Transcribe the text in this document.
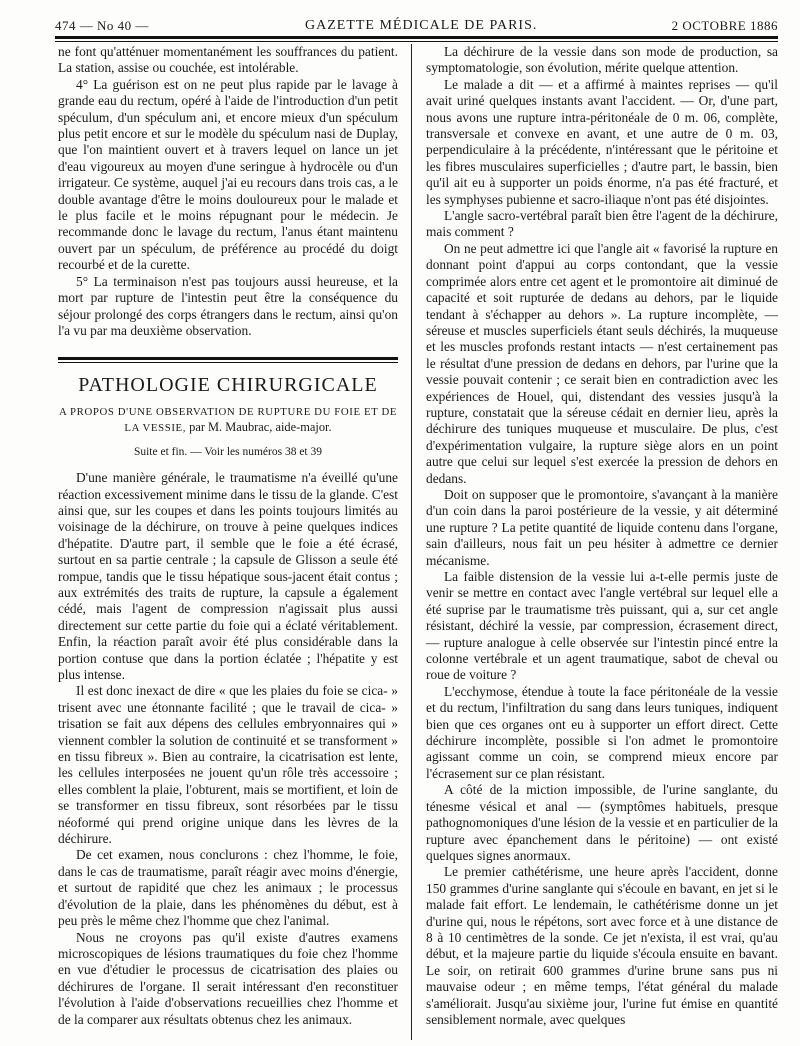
474 — No 40 —	GAZETTE MÉDICALE DE PARIS.	2 OCTOBRE 1886

ne font qu'atténuer momentanément les souffrances du patient. La station, assise ou couchée, est intolérable.

4° La guérison est on ne peut plus rapide par le lavage à grande eau du rectum, opéré à l'aide de l'introduction d'un petit spéculum, d'un spéculum ani, et encore mieux d'un spéculum plus petit encore et sur le modèle du spéculum nasi de Duplay, que l'on maintient ouvert et à travers lequel on lance un jet d'eau vigoureux au moyen d'une seringue à hydrocèle ou d'un irrigateur. Ce système, auquel j'ai eu recours dans trois cas, a le double avantage d'être le moins douloureux pour le malade et le plus facile et le moins répugnant pour le médecin. Je recommande donc le lavage du rectum, l'anus étant maintenu ouvert par un spéculum, de préférence au procédé du doigt recourbé et de la curette.

5° La terminaison n'est pas toujours aussi heureuse, et la mort par rupture de l'intestin peut être la conséquence du séjour prolongé des corps étrangers dans le rectum, ainsi qu'on l'a vu par ma deuxième observation.

PATHOLOGIE CHIRURGICALE
A PROPOS D'UNE OBSERVATION DE RUPTURE DU FOIE ET DE LA VESSIE, par M. Maubrac, aide-major.
Suite et fin. — Voir les numéros 38 et 39

D'une manière générale, le traumatisme n'a éveillé qu'une réaction excessivement minime dans le tissu de la glande. C'est ainsi que, sur les coupes et dans les points toujours limités au voisinage de la déchirure, on trouve à peine quelques indices d'hépatite. D'autre part, il semble que le foie a été écrasé, surtout en sa partie centrale ; la capsule de Glisson a seule été rompue, tandis que le tissu hépatique sous-jacent était contus ; aux extrémités des traits de rupture, la capsule a également cédé, mais l'agent de compression n'agissait plus aussi directement sur cette partie du foie qui a éclaté véritablement. Enfin, la réaction paraît avoir été plus considérable dans la portion contuse que dans la portion éclatée ; l'hépatite y est plus intense.

Il est donc inexact de dire « que les plaies du foie se cica- » trisent avec une étonnante facilité ; que le travail de cica- » trisation se fait aux dépens des cellules embryonnaires qui » viennent combler la solution de continuité et se transforment » en tissu fibreux ». Bien au contraire, la cicatrisation est lente, les cellules interposées ne jouent qu'un rôle très accessoire ; elles comblent la plaie, l'obturent, mais se mortifient, et loin de se transformer en tissu fibreux, sont résorbées par le tissu néoformé qui prend origine unique dans les lèvres de la déchirure.

De cet examen, nous conclurons : chez l'homme, le foie, dans le cas de traumatisme, paraît réagir avec moins d'énergie, et surtout de rapidité que chez les animaux ; le processus d'évolution de la plaie, dans les phénomènes du début, est à peu près le même chez l'homme que chez l'animal.

Nous ne croyons pas qu'il existe d'autres examens microscopiques de lésions traumatiques du foie chez l'homme en vue d'étudier le processus de cicatrisation des plaies ou déchirures de l'organe. Il serait intéressant d'en reconstituer l'évolution à l'aide d'observations recueillies chez l'homme et de la comparer aux résultats obtenus chez les animaux.

La déchirure de la vessie dans son mode de production, sa symptomatologie, son évolution, mérite quelque attention.

Le malade a dit — et a affirmé à maintes reprises — qu'il avait uriné quelques instants avant l'accident. — Or, d'une part, nous avons une rupture intra-péritonéale de 0 m. 06, complète, transversale et convexe en avant, et une autre de 0 m. 03, perpendiculaire à la précédente, n'intéressant que le péritoine et les fibres musculaires superficielles ; d'autre part, le bassin, bien qu'il ait eu à supporter un poids énorme, n'a pas été fracturé, et les symphyses pubienne et sacro-iliaque n'ont pas été disjointes.

L'angle sacro-vertébral paraît bien être l'agent de la déchirure, mais comment ?

On ne peut admettre ici que l'angle ait « favorisé la rupture en donnant point d'appui au corps contondant, que la vessie comprimée alors entre cet agent et le promontoire ait diminué de capacité et soit rupturée de dedans au dehors, par le liquide tendant à s'échapper au dehors ». La rupture incomplète, — séreuse et muscles superficiels étant seuls déchirés, la muqueuse et les muscles profonds restant intacts — n'est certainement pas le résultat d'une pression de dedans en dehors, par l'urine que la vessie pouvait contenir ; ce serait bien en contradiction avec les expériences de Houel, qui, distendant des vessies jusqu'à la rupture, constatait que la séreuse cédait en dernier lieu, après la déchirure des tuniques muqueuse et musculaire. De plus, c'est d'expérimentation vulgaire, la rupture siège alors en un point autre que celui sur lequel s'est exercée la pression de dehors en dedans.

Doit on supposer que le promontoire, s'avançant à la manière d'un coin dans la paroi postérieure de la vessie, y ait déterminé une rupture ? La petite quantité de liquide contenu dans l'organe, sain d'ailleurs, nous fait un peu hésiter à admettre ce dernier mécanisme.

La faible distension de la vessie lui a-t-elle permis juste de venir se mettre en contact avec l'angle vertébral sur lequel elle a été suprise par le traumatisme très puissant, qui a, sur cet angle résistant, déchiré la vessie, par compression, écrasement direct, — rupture analogue à celle observée sur l'intestin pincé entre la colonne vertébrale et un agent traumatique, sabot de cheval ou roue de voiture ?

L'ecchymose, étendue à toute la face péritonéale de la vessie et du rectum, l'infiltration du sang dans leurs tuniques, indiquent bien que ces organes ont eu à supporter un effort direct. Cette déchirure incomplète, possible si l'on admet le promontoire agissant comme un coin, se comprend mieux encore par l'écrasement sur ce plan résistant.

A côté de la miction impossible, de l'urine sanglante, du ténesme vésical et anal — (symptômes habituels, presque pathognomoniques d'une lésion de la vessie et en particulier de la rupture avec épanchement dans le péritoine) — ont existé quelques signes anormaux.

Le premier cathétérisme, une heure après l'accident, donne 150 grammes d'urine sanglante qui s'écoule en bavant, en jet si le malade fait effort. Le lendemain, le cathétérisme donne un jet d'urine qui, nous le répétons, sort avec force et à une distance de 8 à 10 centimètres de la sonde. Ce jet n'exista, il est vrai, qu'au début, et la majeure partie du liquide s'écoula ensuite en bavant. Le soir, on retirait 600 grammes d'urine brune sans pus ni mauvaise odeur ; en même temps, l'état général du malade s'améliorait. Jusqu'au sixième jour, l'urine fut émise en quantité sensiblement normale, avec quelques
